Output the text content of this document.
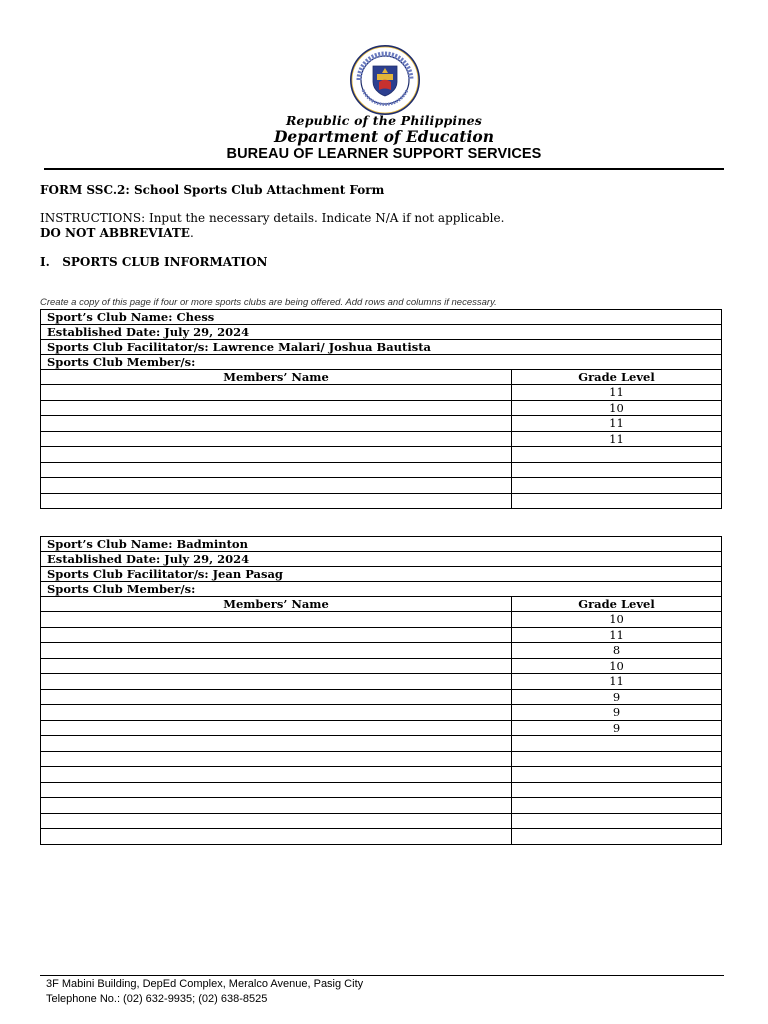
Republic of the Philippines
Department of Education
BUREAU OF LEARNER SUPPORT SERVICES
FORM SSC.2: School Sports Club Attachment Form
INSTRUCTIONS: Input the necessary details. Indicate N/A if not applicable.
DO NOT ABBREVIATE.
I. SPORTS CLUB INFORMATION
Create a copy of this page if four or more sports clubs are being offered. Add rows and columns if necessary.
Sport’s Club Name: Chess	
Established Date: July 29, 2024	
Sports Club Facilitator/s: Lawrence Malari/ Joshua Bautista	
Sports Club Member/s:	
Members’ Name	Grade Level
	11
	10
	11
	11

Sport’s Club Name: Badminton	
Established Date: July 29, 2024	
Sports Club Facilitator/s: Jean Pasag	
Sports Club Member/s:	
Members’ Name	Grade Level
	10
	11
	8
	10
	11
	9
	9
	9

3F Mabini Building, DepEd Complex, Meralco Avenue, Pasig City
Telephone No.: (02) 632-9935; (02) 638-8525
